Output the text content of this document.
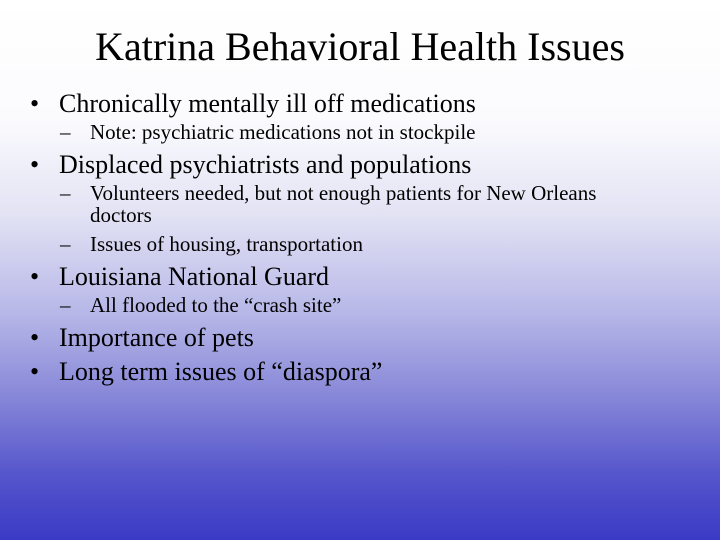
Katrina Behavioral Health Issues
• Chronically mentally ill off medications
– Note: psychiatric medications not in stockpile
• Displaced psychiatrists and populations
– Volunteers needed, but not enough patients for New Orleans doctors
– Issues of housing, transportation
• Louisiana National Guard
– All flooded to the “crash site”
• Importance of pets
• Long term issues of “diaspora”
